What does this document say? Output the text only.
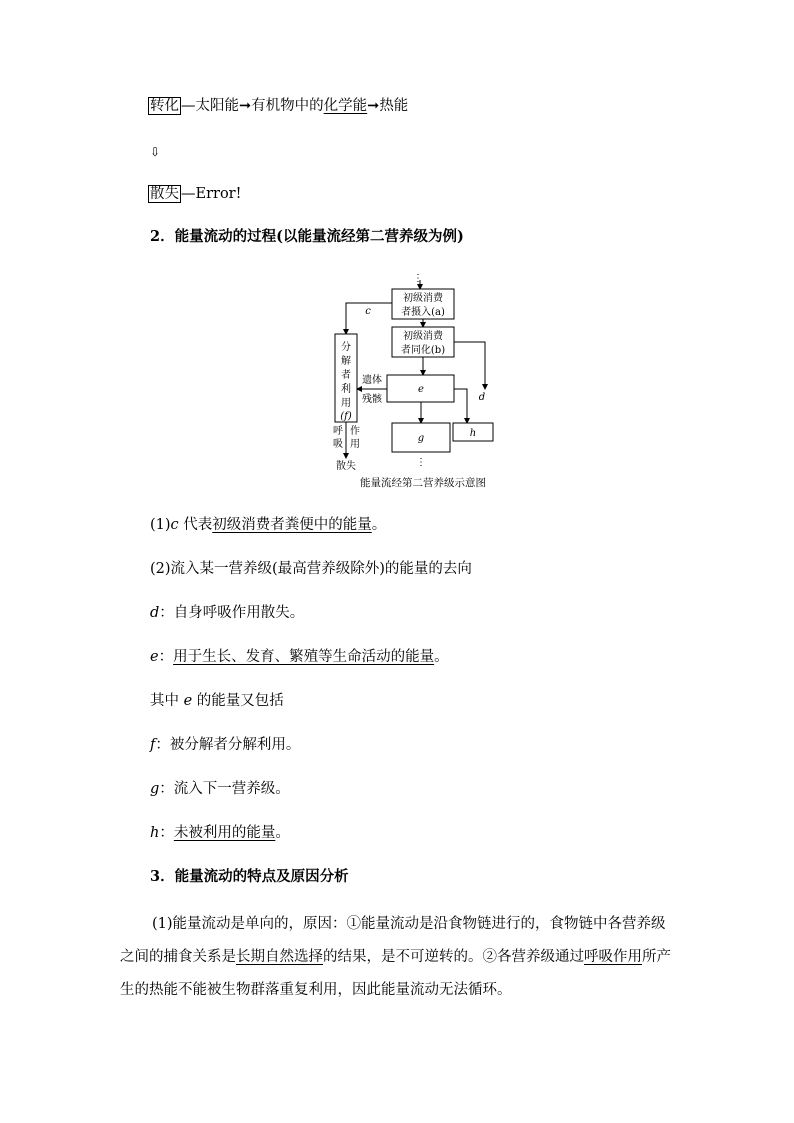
转化 —太阳能➞有机物中的化学能➞热能
⇩
散失 —Error!
2．能量流动的过程(以能量流经第二营养级为例)
⋮
初级消费
者摄入(a)
初级消费
者同化(b)
c
分
解
者
利
用
(f)
d
e
遗体
残骸
g	h
⋮
呼
吸
作
用
散失
能量流经第二营养级示意图
(1)c 代表初级消费者粪便中的能量。
(2)流入某一营养级(最高营养级除外)的能量的去向
d：自身呼吸作用散失。
e：用于生长、发育、繁殖等生命活动的能量。
其中 e 的能量又包括
f：被分解者分解利用。
g：流入下一营养级。
h：未被利用的能量。
3．能量流动的特点及原因分析
(1)能量流动是单向的，原因：①能量流动是沿食物链进行的，食物链中各营养级之间的捕食关系是长期自然选择的结果，是不可逆转的。②各营养级通过呼吸作用所产生的热能不能被生物群落重复利用，因此能量流动无法循环。
